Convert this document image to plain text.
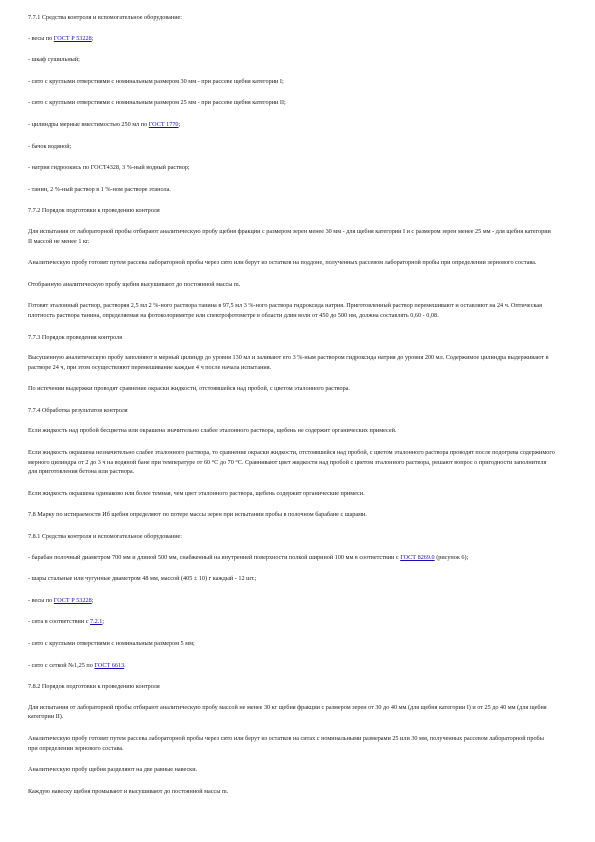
7.7.1 Средства контроля и вспомогательное оборудование:

- весы по ГОСТ Р 53228;

- шкаф сушильный;

- сито с круглыми отверстиями с номинальным размером 30 мм - при рассеве щебня категории I;

- сито с круглыми отверстиями с номинальным размером 25 мм - при рассеве щебня категории II;

- цилиндры мерные вместимостью 250 мл по ГОСТ 1770;

- бачок водяной;

- натрия гидроокись по ГОСТ4328, 3 %-ный водный раствор;

- танин, 2 %-ный раствор в 1 %-ном растворе этанола.

7.7.2 Порядок подготовки к проведению контроля

Для испытания от лабораторной пробы отбирают аналитическую пробу щебня фракции с размером зерен менее 30 мм - для щебня категории I и с размером зерен менее 25 мм - для щебня категории II массой не менее 1 кг.

Аналитическую пробу готовят путем рассева лабораторной пробы через сито или берут из остатков на поддоне, полученных рассевом лабораторной пробы при определении зернового состава.

Отобранную аналитическую пробу щебня высушивают до постоянной массы m.

Готовят эталонный раствор, растворяя 2,5 мл 2 %-ного раствора танина в 97,5 мл 3 %-ного раствора гидроксида натрия. Приготовленный раствор перемешивают и оставляют на 24 ч. Оптическая плотность раствора танина, определяемая на фотоколориметре или спектрофотометре в области длин волн от 450 до 500 нм, должна составлять 0,60 - 0,08.

7.7.3 Порядок проведения контроля

Высушенную аналитическую пробу заполняют в мерный цилиндр до уровня 130 мл и заливают его 3 %-ным раствором гидроксида натрия до уровня 200 мл. Содержимое цилиндра выдерживают в растворе 24 ч, при этом осуществляют перемешивание каждые 4 ч после начала испытания.

По истечении выдержки проводят сравнение окраски жидкости, отстоявшейся над пробой, с цветом эталонного раствора.

7.7.4 Обработка результатов контроля

Если жидкость над пробой бесцветна или окрашена значительно слабее эталонного раствора, щебень не содержит органических примесей.

Если жидкость окрашена незначительно слабее эталонного раствора, то сравнение окраски жидкости, отстоявшейся над пробой, с цветом эталонного раствора проводят после подогрева содержимого мерного цилиндра от 2 до 3 ч на водяной бане при температуре от 60 °С до 70 °С. Сравнивают цвет жидкости над пробой с цветом эталонного раствора, решают вопрос о пригодности заполнителя для приготовления бетона или раствора.

Если жидкость окрашена одинаково или более темная, чем цвет эталонного раствора, щебень содержит органические примеси.

7.8 Марку по истираемости Иб щебня определяют по потере массы зерен при испытании пробы в полочном барабане с шарами.

7.8.1 Средства контроля и вспомогательное оборудование:

- барабан полочный диаметром 700 мм и длиной 500 мм, снабженный на внутренней поверхности полкой шириной 100 мм в соответствии с ГОСТ 8269.0 (рисунок 6);

- шары стальные или чугунные диаметром 48 мм, массой (405 ± 10) г каждый - 12 шт.;

- весы по ГОСТ Р 53228;

- сита в соответствии с 7.2.1;

- сито с круглыми отверстиями с номинальным размером 5 мм;

- сито с сеткой №1,25 по ГОСТ 6613.

7.8.2 Порядок подготовки к проведению контроля

Для испытания от лабораторной пробы отбирают аналитическую пробу массой не менее 30 кг щебня фракции с размером зерен от 30 до 40 мм (для щебня категории I) и от 25 до 40 мм (для щебня категории II).

Аналитическую пробу готовят путем рассева лабораторной пробы через сито или берут из остатков на ситах с номинальными размерами 25 или 30 мм, полученных рассевом лабораторной пробы при определении зернового состава.

Аналитическую пробу щебня разделяют на две равные навески.

Каждую навеску щебня промывают и высушивают до постоянной массы m.
